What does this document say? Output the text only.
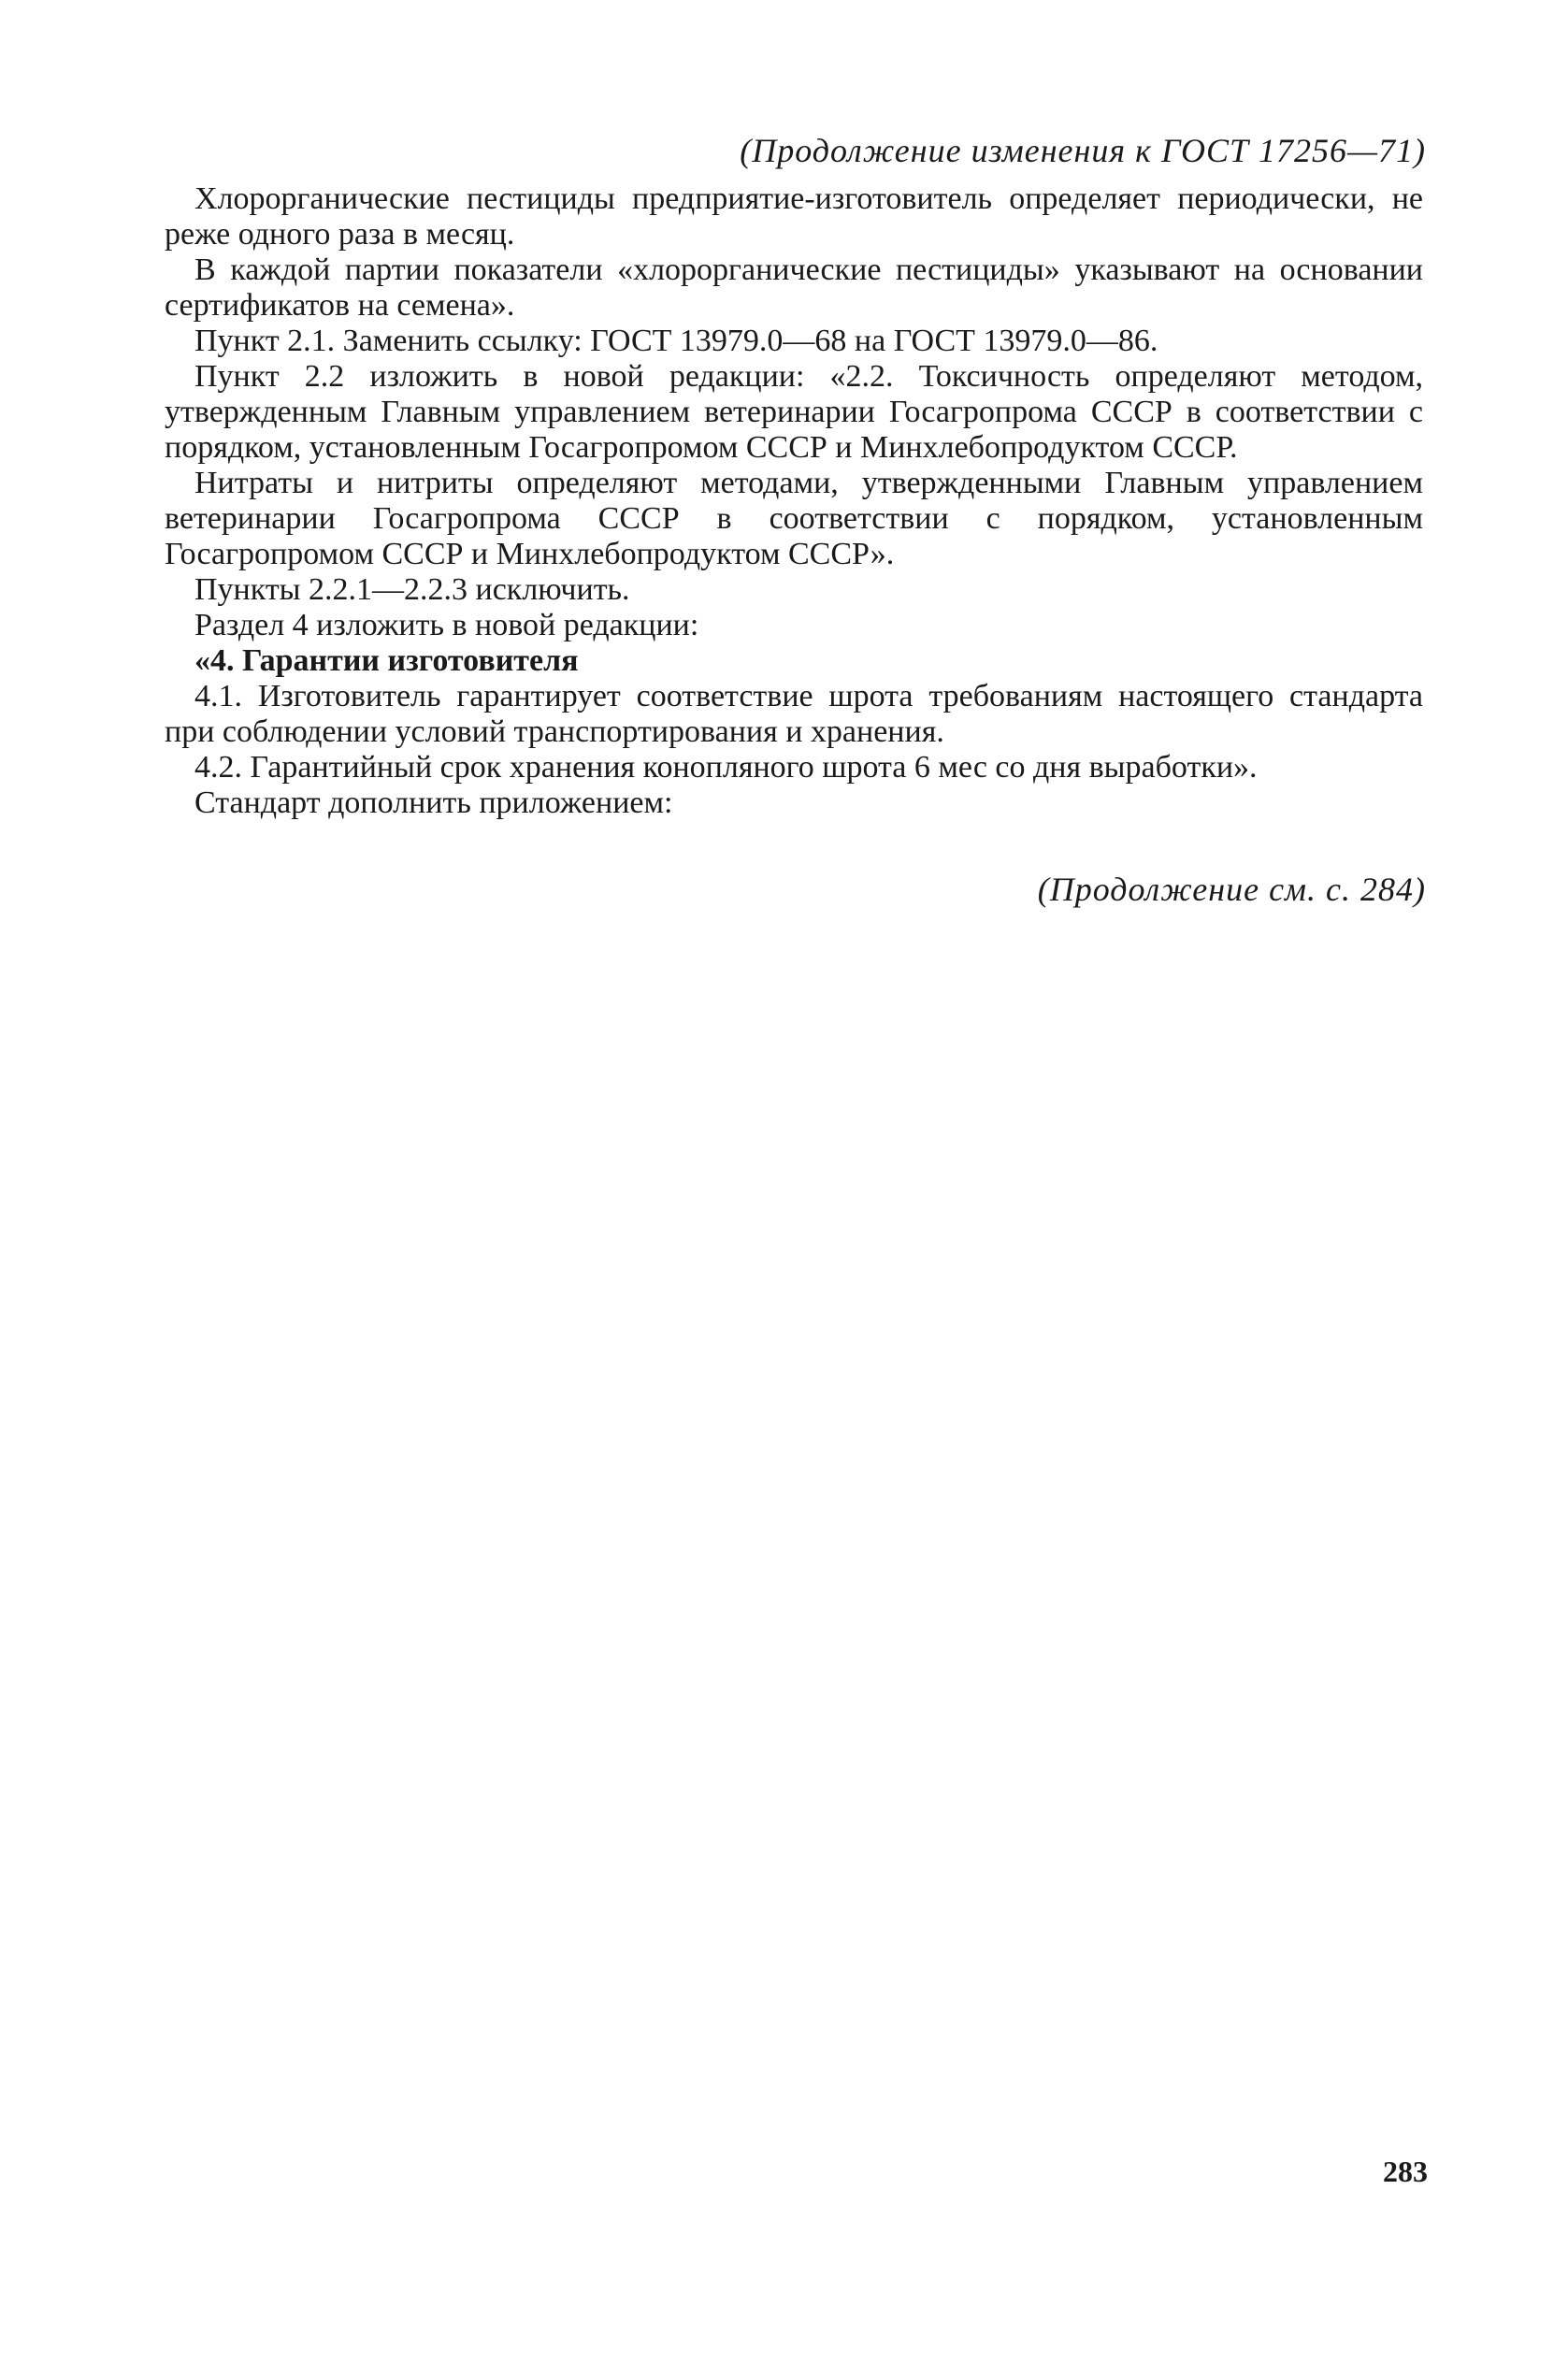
(Продолжение изменения к ГОСТ 17256—71)

Хлорорганические пестициды предприятие-изготовитель определяет периодически, не реже одного раза в месяц.

В каждой партии показатели «хлорорганические пестициды» указывают на основании сертификатов на семена».

Пункт 2.1. Заменить ссылку: ГОСТ 13979.0—68 на ГОСТ 13979.0—86.

Пункт 2.2 изложить в новой редакции: «2.2. Токсичность определяют методом, утвержденным Главным управлением ветеринарии Госагропрома СССР в соответствии с порядком, установленным Госагропромом СССР и Минхлебопродуктом СССР.

Нитраты и нитриты определяют методами, утвержденными Главным управлением ветеринарии Госагропрома СССР в соответствии с порядком, установленным Госагропромом СССР и Минхлебопродуктом СССР».

Пункты 2.2.1—2.2.3 исключить.

Раздел 4 изложить в новой редакции:

«4. Гарантии изготовителя

4.1. Изготовитель гарантирует соответствие шрота требованиям настоящего стандарта при соблюдении условий транспортирования и хранения.

4.2. Гарантийный срок хранения конопляного шрота 6 мес со дня выработки».

Стандарт дополнить приложением:

(Продолжение см. с. 284)
283
